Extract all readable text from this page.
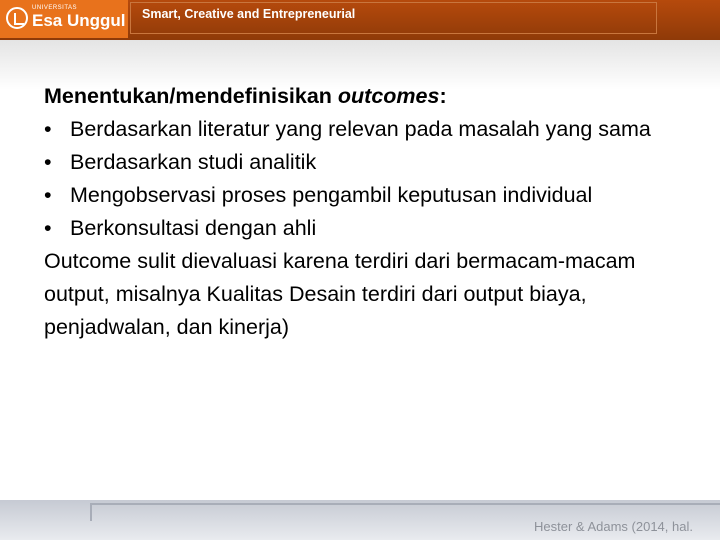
UNIVERSITAS
Esa Unggul Smart, Creative and Entrepreneurial
Menentukan/mendefinisikan outcomes:
• Berdasarkan literatur yang relevan pada masalah yang sama
• Berdasarkan studi analitik
• Mengobservasi proses pengambil keputusan individual
• Berkonsultasi dengan ahli
Outcome sulit dievaluasi karena terdiri dari bermacam-macam output, misalnya Kualitas Desain terdiri dari output biaya, penjadwalan, dan kinerja)
Hester & Adams (2014, hal.
